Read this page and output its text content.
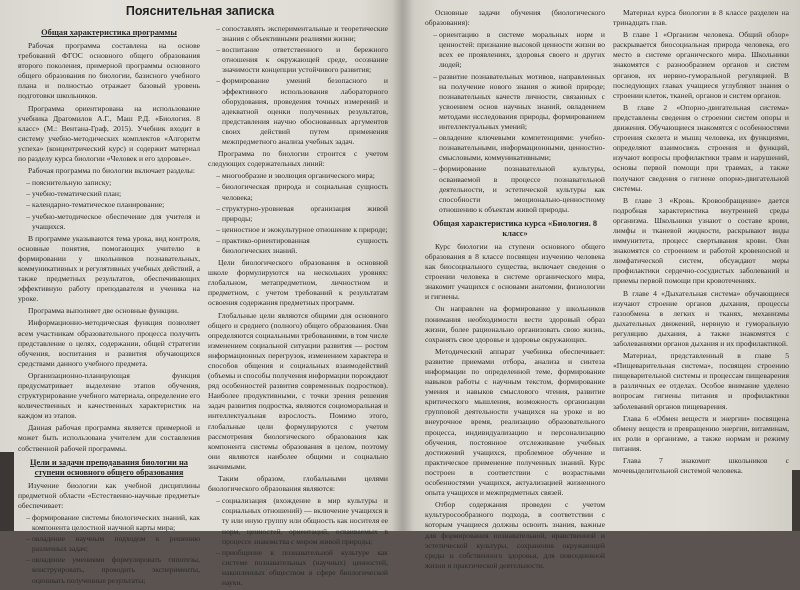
Пояснительная записка
Общая характеристика программы

Рабочая программа составлена на основе требований ФГОС основного общего образования второго поколения, примерной программы основного общего образования по биологии, базисного учебного плана и полностью отражает базовый уровень подготовки школьников.

Программа ориентирована на использование учебника Драгомилов А.Г., Маш Р.Д. «Биология. 8 класс» (М.: Вентана-Граф, 2015). Учебник входит в систему учебно-методических комплектов «Алгоритм успеха» (концентрический курс) и содержит материал по разделу курса биологии «Человек и его здоровье».

Рабочая программа по биологии включает разделы:

• пояснительную записку;
• учебно-тематический план;
• календарно-тематическое планирование;
• учебно-методическое обеспечение для учителя и учащихся.

В программе указываются тема урока, вид контроля, основные понятия, помогающих учителю в формировании у школьников познавательных, коммуникативных и регулятивных учебных действий, а также предметных результатов, обеспечивающих эффективную работу преподавателя и ученика на уроке.

Программа выполняет две основные функции.

Информационно-методическая функция позволяет всем участникам образовательного процесса получить представление о целях, содержании, общей стратегии обучения, воспитания и развития обучающихся средствами данного учебного предмета.

Организационно-планирующая функция предусматривает выделение этапов обучения, структурирование учебного материала, определение его количественных и качественных характеристик на каждом из этапов.

Данная рабочая программа является примерной и может быть использована учителем для составления собственной рабочей программы.

Цели и задачи преподавания биологии на ступени основного общего образования

Изучение биологии как учебной дисциплины предметной области «Естественно-научные предметы» обеспечивает:

• формирование системы биологических знаний, как компонента целостной научной карты мира;
• овладение научным подходом к решению различных задач;
• овладение умениями формулировать гипотезы, конструировать, проводить эксперименты, оценивать полученные результаты;
• сопоставлять экспериментальные и теоретические знания с объективными реалиями жизни;
• воспитание ответственного и бережного отношения к окружающей среде, осознание значимости концепции устойчивого развития;
• формирование умений безопасного и эффективного использования лабораторного оборудования, проведения точных измерений и адекватной оценки полученных результатов, представления научно обоснованных аргументов своих действий путем применения межпредметного анализа учебных задач.

Программа по биологии строится с учетом следующих содержательных линий:

• многообразие и эволюция органического мира;
• биологическая природа и социальная сущность человека;
• структурно-уровневая организация живой природы;
• ценностное и экокультурное отношение к природе;
• практико-ориентированная сущность биологических знаний.

Цели биологического образования в основной школе формулируются на нескольких уровнях: глобальном, метапредметном, личностном и предметном, с учетом требований к результатам освоения содержания предметных программ.

Глобальные цели являются общими для основного общего и среднего (полного) общего образования. Они определяются социальными требованиями, в том числе изменением социальной ситуации развития — ростом информационных перегрузок, изменением характера и способов общения и социальных взаимодействий (объемы и способы получения информации порождают ряд особенностей развития современных подростков). Наиболее продуктивными, с точки зрения решения задач развития подростка, являются социоморальная и интеллектуальная взрослость. Помимо этого, глобальные цели формулируются с учетом рассмотрения биологического образования как компонента системы образования в целом, поэтому они являются наиболее общими и социально значимыми.

Таким образом, глобальными целями биологического образования являются:

• социализация (вхождение в мир культуры и социальных отношений) — включение учащихся в ту или иную группу или общность как носителя ее норм, ценностей, ориентаций, осваиваемых в процессе знакомства с миром живой природы;
• приобщение к познавательной культуре как системе познавательных (научных) ценностей, накопленных обществом в сфере биологической науки.

Основные задачи обучения (биологического образования):

• ориентацию в системе моральных норм и ценностей: признание высокой ценности жизни во всех ее проявлениях, здоровья своего и других людей;
• развитие познавательных мотивов, направленных на получение нового знания о живой природе; познавательных качеств личности, связанных с усвоением основ научных знаний, овладением методами исследования природы, формированием интеллектуальных умений;
• овладение ключевыми компетенциями: учебно-познавательными, информационными, ценностно-смысловыми, коммуникативными;
• формирование познавательной культуры, осваиваемой в процессе познавательной деятельности, и эстетической культуры как способности эмоционально-ценностному отношению к объектам живой природы.
Общая характеристика курса «Биология. 8 класс»

Курс биологии на ступени основного общего образования в 8 классе посвящен изучению человека как биосоциального существа, включает сведения о строении человека в системе органического мира, знакомит учащихся с основами анатомии, физиологии и гигиены.

Он направлен на формирование у школьников понимания необходимости вести здоровый образ жизни, более рационально организовать свою жизнь, сохранять свое здоровье и здоровье окружающих.

Методический аппарат учебника обеспечивает: развитие приемами отбора, анализа и синтеза информации по определенной теме, формирование навыков работы с научным текстом, формирование умения и навыков смыслового чтения, развитие критического мышления, возможность организации групповой деятельности учащихся на уроке и во внеурочное время, реализацию образовательного процесса, индивидуализацию и персонализацию обучения, постоянное отслеживание учебных достижений учащихся, проблемное обучение и практическое применение полученных знаний. Курс построен в соответствии с возрастными особенностями учащихся, актуализацией жизненного опыта учащихся и межпредметных связей.

Отбор содержания проведен с учетом культуросообразного подхода, в соответствии с которым учащиеся должны освоить знания, важные для формирования познавательной, нравственной и эстетической культуры, сохранения окружающей среды и собственного здоровья, для повседневной жизни и практической деятельности.

Материал курса биологии в 8 классе разделен на тринадцать глав.

В главе 1 «Организм человека. Общий обзор» раскрывается биосоциальная природа человека, его место в системе органического мира. Школьники знакомятся с разнообразием органов и систем органов, их нервно-гуморальной регуляцией. В последующих главах учащиеся углубляют знания о строении клеток, тканей, органов и систем органов.

В главе 2 «Опорно-двигательная система» представлены сведения о строении систем опоры и движения. Обучающиеся знакомятся с особенностями строения скелета и мышц человека, их функциями, определяют взаимосвязь строения и функций, изучают вопросы профилактики травм и нарушений, основы первой помощи при травмах, а также получают сведения о гигиене опорно-двигательной системы.

В главе 3 «Кровь. Кровообращение» дается подробная характеристика внутренней среды организма. Школьники узнают о составе крови, лимфы и тканевой жидкости, раскрывают виды иммунитета, процесс свертывания крови. Они знакомятся со строением и работой кровеносной и лимфатической систем, обсуждают меры профилактики сердечно-сосудистых заболеваний и приемы первой помощи при кровотечениях.

В главе 4 «Дыхательная система» обучающиеся изучают строение органов дыхания, процессы газообмена в легких и тканях, механизмы дыхательных движений, нервную и гуморальную регуляцию дыхания, а также знакомятся с заболеваниями органов дыхания и их профилактикой.

Материал, представленный в главе 5 «Пищеварительная система», посвящен строению пищеварительной системы и процессам пищеварения в различных ее отделах. Особое внимание уделено вопросам гигиены питания и профилактики заболеваний органов пищеварения.

Глава 6 «Обмен веществ и энергии» посвящена обмену веществ и превращению энергии, витаминам, их роли в организме, а также нормам и режиму питания.

Глава 7 знакомит школьников с мочевыделительной системой человека.
